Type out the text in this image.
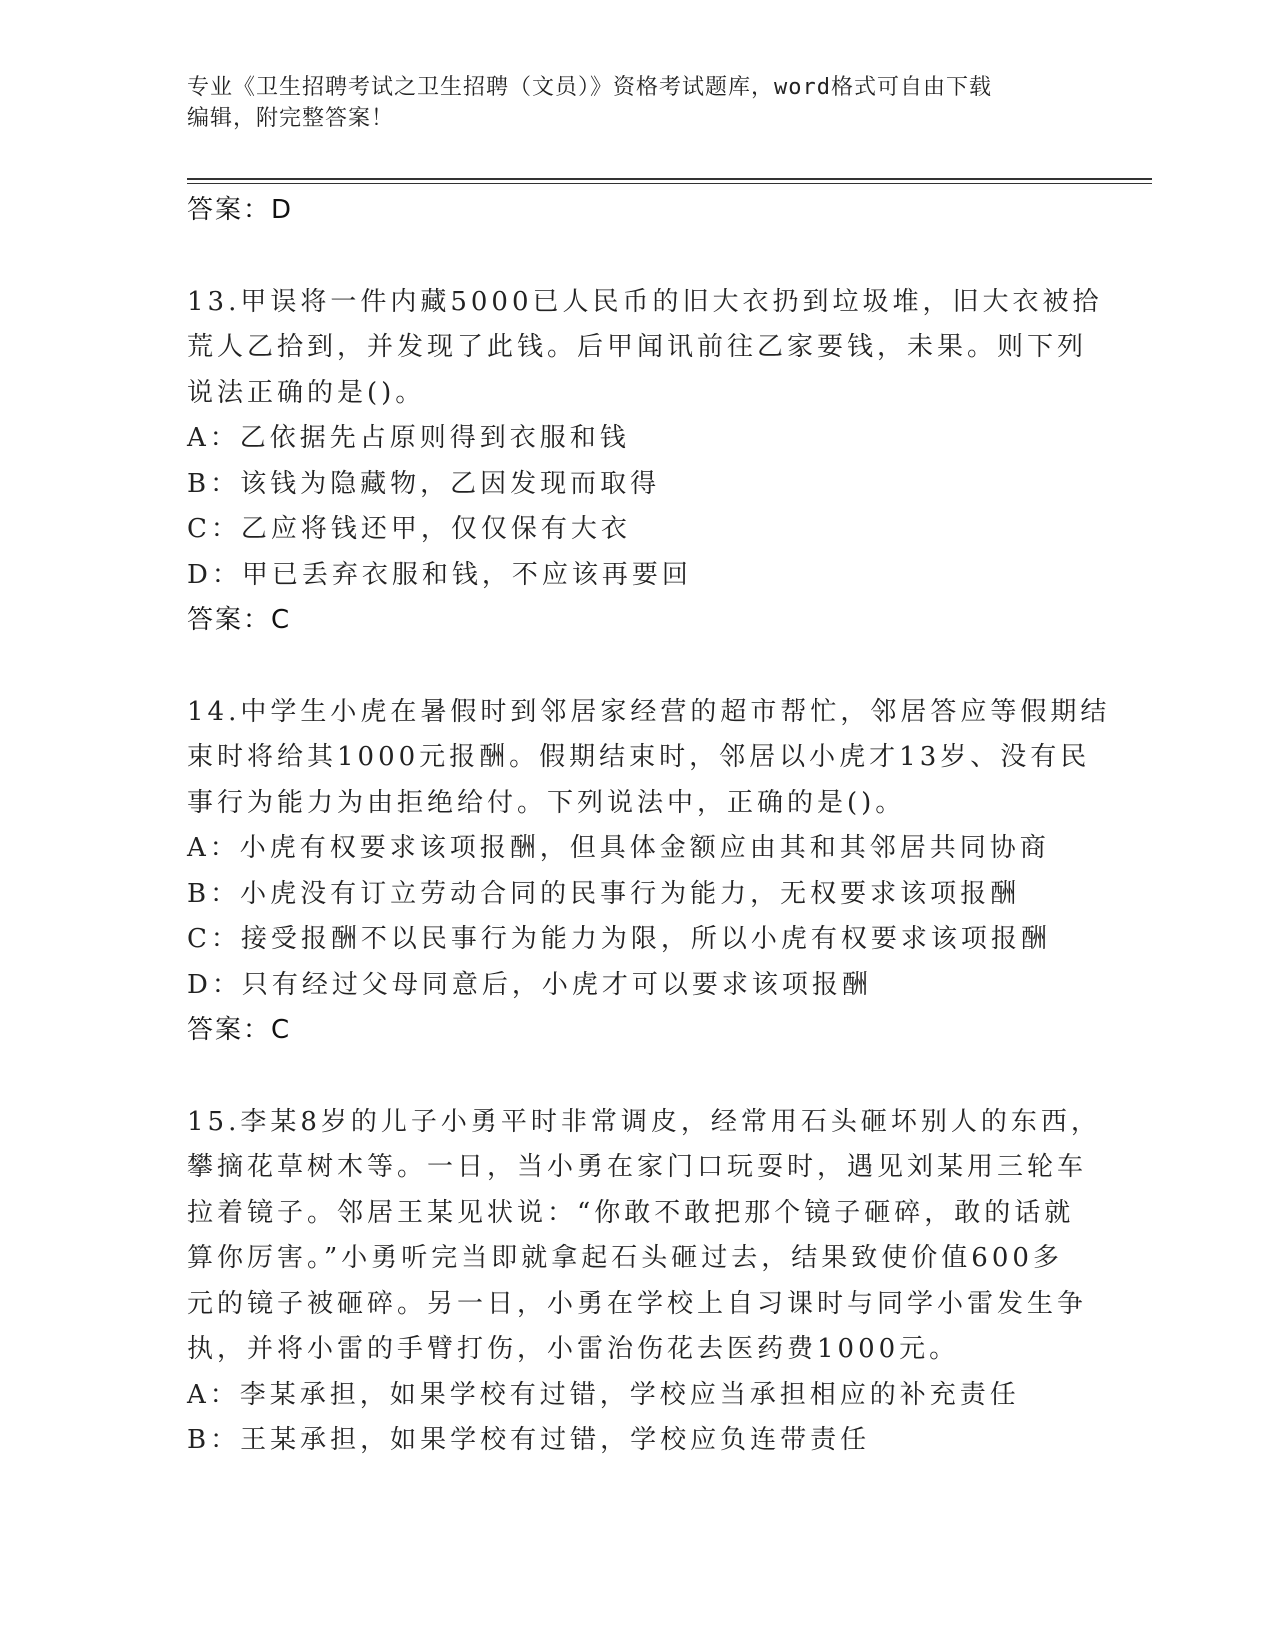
专业《卫生招聘考试之卫生招聘（文员）》资格考试题库，word格式可自由下载
编辑，附完整答案！
答案：D
13.甲误将一件内藏5000已人民币的旧大衣扔到垃圾堆，旧大衣被拾
荒人乙拾到，并发现了此钱。后甲闻讯前往乙家要钱，未果。则下列
说法正确的是()。
A：乙依据先占原则得到衣服和钱
B：该钱为隐藏物，乙因发现而取得
C：乙应将钱还甲，仅仅保有大衣
D：甲已丢弃衣服和钱，不应该再要回
答案：C
14.中学生小虎在暑假时到邻居家经营的超市帮忙，邻居答应等假期结
束时将给其1000元报酬。假期结束时，邻居以小虎才13岁、没有民
事行为能力为由拒绝给付。下列说法中，正确的是()。
A：小虎有权要求该项报酬，但具体金额应由其和其邻居共同协商
B：小虎没有订立劳动合同的民事行为能力，无权要求该项报酬
C：接受报酬不以民事行为能力为限，所以小虎有权要求该项报酬
D：只有经过父母同意后，小虎才可以要求该项报酬
答案：C
15.李某8岁的儿子小勇平时非常调皮，经常用石头砸坏别人的东西，
攀摘花草树木等。一日，当小勇在家门口玩耍时，遇见刘某用三轮车
拉着镜子。邻居王某见状说：“你敢不敢把那个镜子砸碎，敢的话就
算你厉害。”小勇听完当即就拿起石头砸过去，结果致使价值600多
元的镜子被砸碎。另一日，小勇在学校上自习课时与同学小雷发生争
执，并将小雷的手臂打伤，小雷治伤花去医药费1000元。
A：李某承担，如果学校有过错，学校应当承担相应的补充责任
B：王某承担，如果学校有过错，学校应负连带责任
